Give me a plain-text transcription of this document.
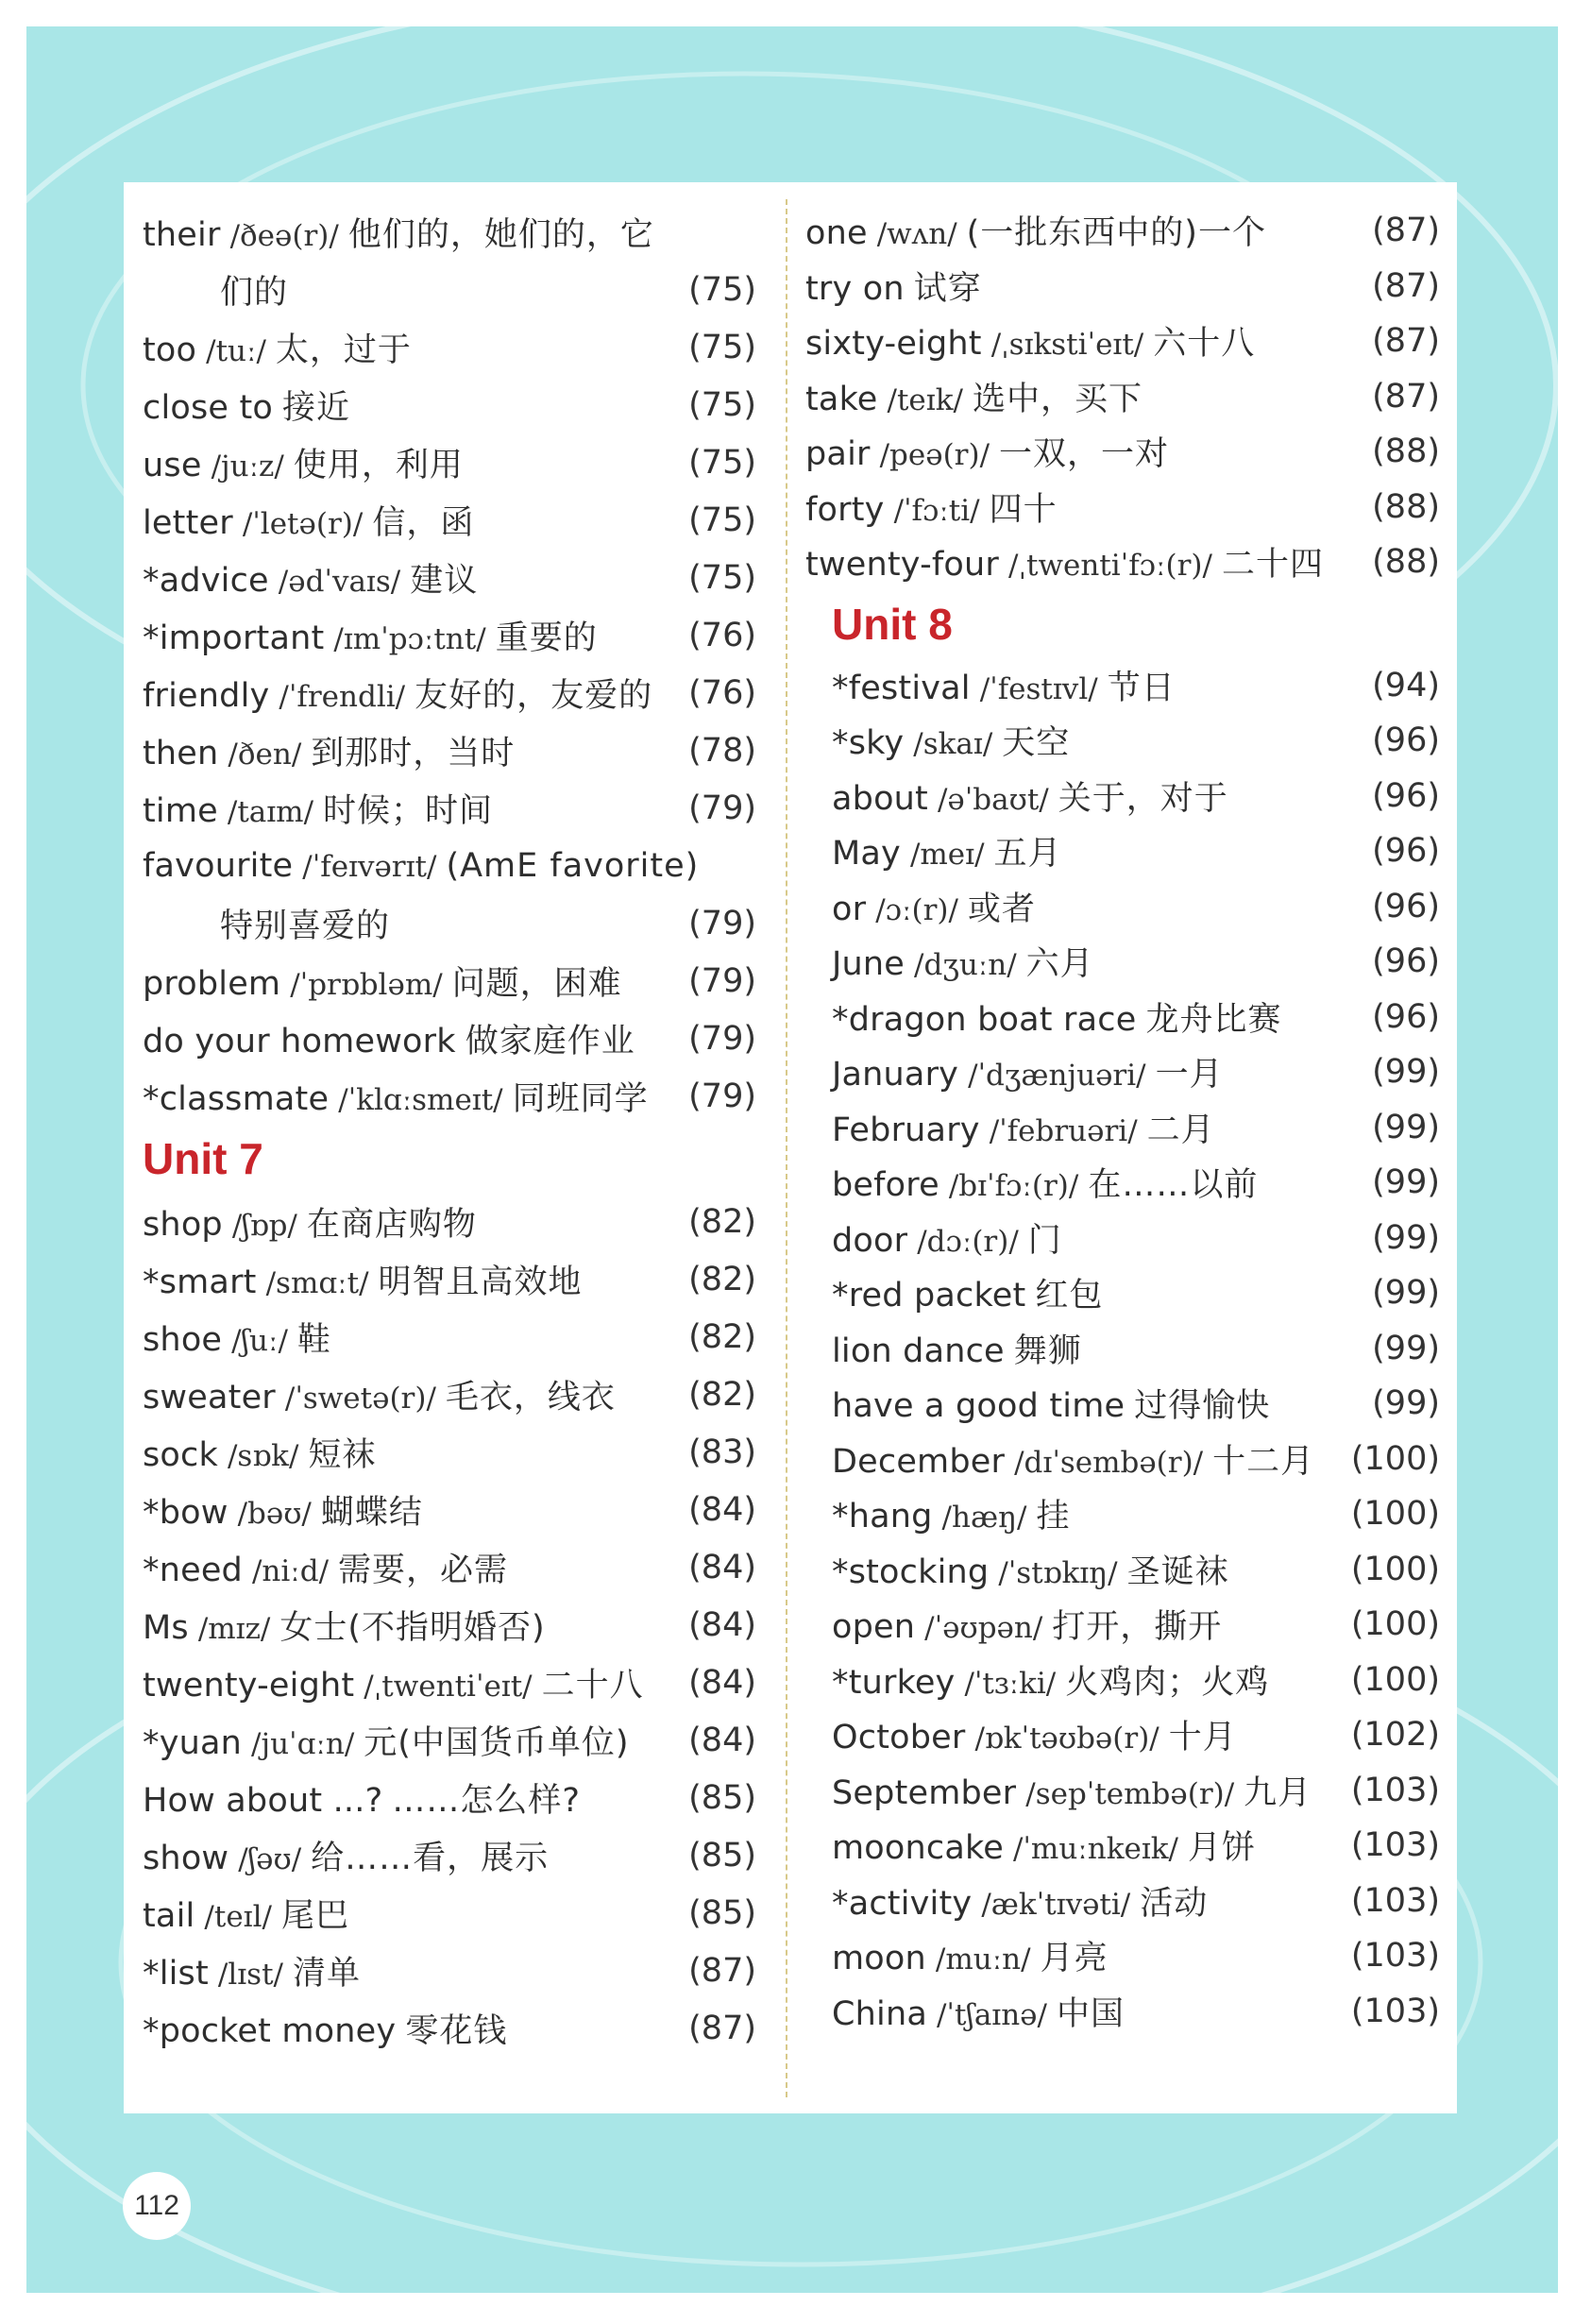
their /ðeə(r)/ 他们的，她们的，它
们的	(75)
too /tuː/ 太，过于	(75)
close to 接近	(75)
use /juːz/ 使用，利用	(75)
letter /ˈletə(r)/ 信，函	(75)
*advice /ədˈvaɪs/ 建议	(75)
*important /ɪmˈpɔːtnt/ 重要的	(76)
friendly /ˈfrendli/ 友好的，友爱的 (76)
then /ðen/ 到那时，当时	(78)
time /taɪm/ 时候；时间	(79)
favourite /ˈfeɪvərɪt/ (AmE favorite)
特别喜爱的	(79)
problem /ˈprɒbləm/ 问题，困难 (79)
do your homework 做家庭作业 (79)
*classmate /ˈklɑːsmeɪt/ 同班同学 (79)
Unit 7
shop /ʃɒp/ 在商店购物	(82)
*smart /smɑːt/ 明智且高效地	(82)
shoe /ʃuː/ 鞋	(82)
sweater /ˈswetə(r)/ 毛衣，线衣 (82)
sock /sɒk/ 短袜	(83)
*bow /bəʊ/ 蝴蝶结	(84)
*need /niːd/ 需要，必需	(84)
Ms /mɪz/ 女士(不指明婚否)	(84)
twenty-eight /ˌtwentiˈeɪt/ 二十八 (84)
*yuan /juˈɑːn/ 元(中国货币单位) (84)
How about ...? ……怎么样?	(85)
show /ʃəʊ/ 给……看，展示	(85)
tail /teɪl/ 尾巴	(85)
*list /lɪst/ 清单	(87)
*pocket money 零花钱	(87)
one /wʌn/ (一批东西中的)一个	(87)
try on 试穿	(87)
sixty-eight /ˌsɪkstiˈeɪt/ 六十八	(87)
take /teɪk/ 选中，买下	(87)
pair /peə(r)/ 一双，一对	(88)
forty /ˈfɔːti/ 四十	(88)
twenty-four /ˌtwentiˈfɔː(r)/ 二十四 (88)
Unit 8
*festival /ˈfestɪvl/ 节日	(94)
*sky /skaɪ/ 天空	(96)
about /əˈbaʊt/ 关于，对于	(96)
May /meɪ/ 五月	(96)
or /ɔː(r)/ 或者	(96)
June /dʒuːn/ 六月	(96)
*dragon boat race 龙舟比赛	(96)
January /ˈdʒænjuəri/ 一月	(99)
February /ˈfebruəri/ 二月	(99)
before /bɪˈfɔː(r)/ 在……以前	(99)
door /dɔː(r)/ 门	(99)
*red packet 红包	(99)
lion dance 舞狮	(99)
have a good time 过得愉快	(99)
December /dɪˈsembə(r)/ 十二月 (100)
*hang /hæŋ/ 挂	(100)
*stocking /ˈstɒkɪŋ/ 圣诞袜	(100)
open /ˈəʊpən/ 打开，撕开	(100)
*turkey /ˈtɜːki/ 火鸡肉；火鸡 (100)
October /ɒkˈtəʊbə(r)/ 十月	(102)
September /sepˈtembə(r)/ 九月 (103)
mooncake /ˈmuːnkeɪk/ 月饼	(103)
*activity /ækˈtɪvəti/ 活动	(103)
moon /muːn/ 月亮	(103)
China /ˈtʃaɪnə/ 中国	(103)
112
